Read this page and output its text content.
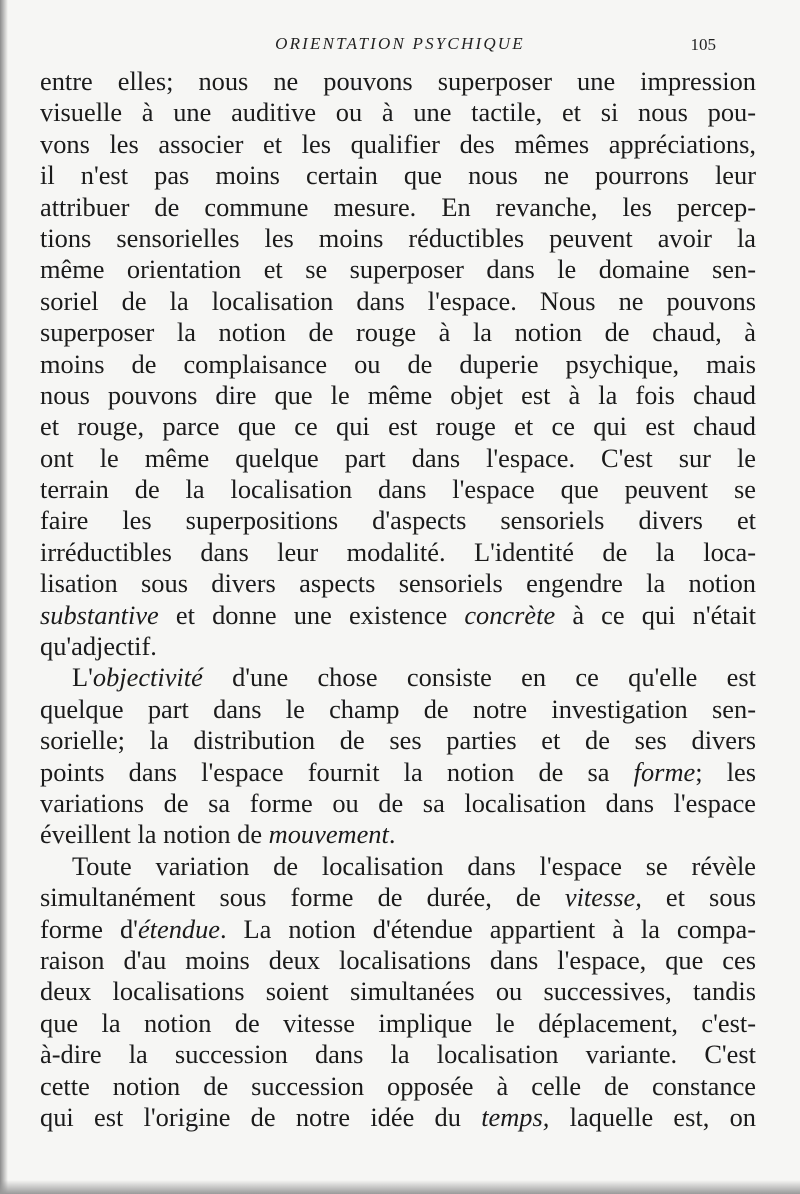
ORIENTATION PSYCHIQUE	105
entre elles; nous ne pouvons superposer une impression
visuelle à une auditive ou à une tactile, et si nous pou-
vons les associer et les qualifier des mêmes appréciations,
il n'est pas moins certain que nous ne pourrons leur
attribuer de commune mesure. En revanche, les percep-
tions sensorielles les moins réductibles peuvent avoir la
même orientation et se superposer dans le domaine sen-
soriel de la localisation dans l'espace. Nous ne pouvons
superposer la notion de rouge à la notion de chaud, à
moins de complaisance ou de duperie psychique, mais
nous pouvons dire que le même objet est à la fois chaud
et rouge, parce que ce qui est rouge et ce qui est chaud
ont le même quelque part dans l'espace. C'est sur le
terrain de la localisation dans l'espace que peuvent se
faire les superpositions d'aspects sensoriels divers et
irréductibles dans leur modalité. L'identité de la loca-
lisation sous divers aspects sensoriels engendre la notion
substantive et donne une existence concrète à ce qui n'était
qu'adjectif.
L'objectivité d'une chose consiste en ce qu'elle est
quelque part dans le champ de notre investigation sen-
sorielle; la distribution de ses parties et de ses divers
points dans l'espace fournit la notion de sa forme; les
variations de sa forme ou de sa localisation dans l'espace
éveillent la notion de mouvement.
Toute variation de localisation dans l'espace se révèle
simultanément sous forme de durée, de vitesse, et sous
forme d'étendue. La notion d'étendue appartient à la compa-
raison d'au moins deux localisations dans l'espace, que ces
deux localisations soient simultanées ou successives, tandis
que la notion de vitesse implique le déplacement, c'est-
à-dire la succession dans la localisation variante. C'est
cette notion de succession opposée à celle de constance
qui est l'origine de notre idée du temps, laquelle est, on
